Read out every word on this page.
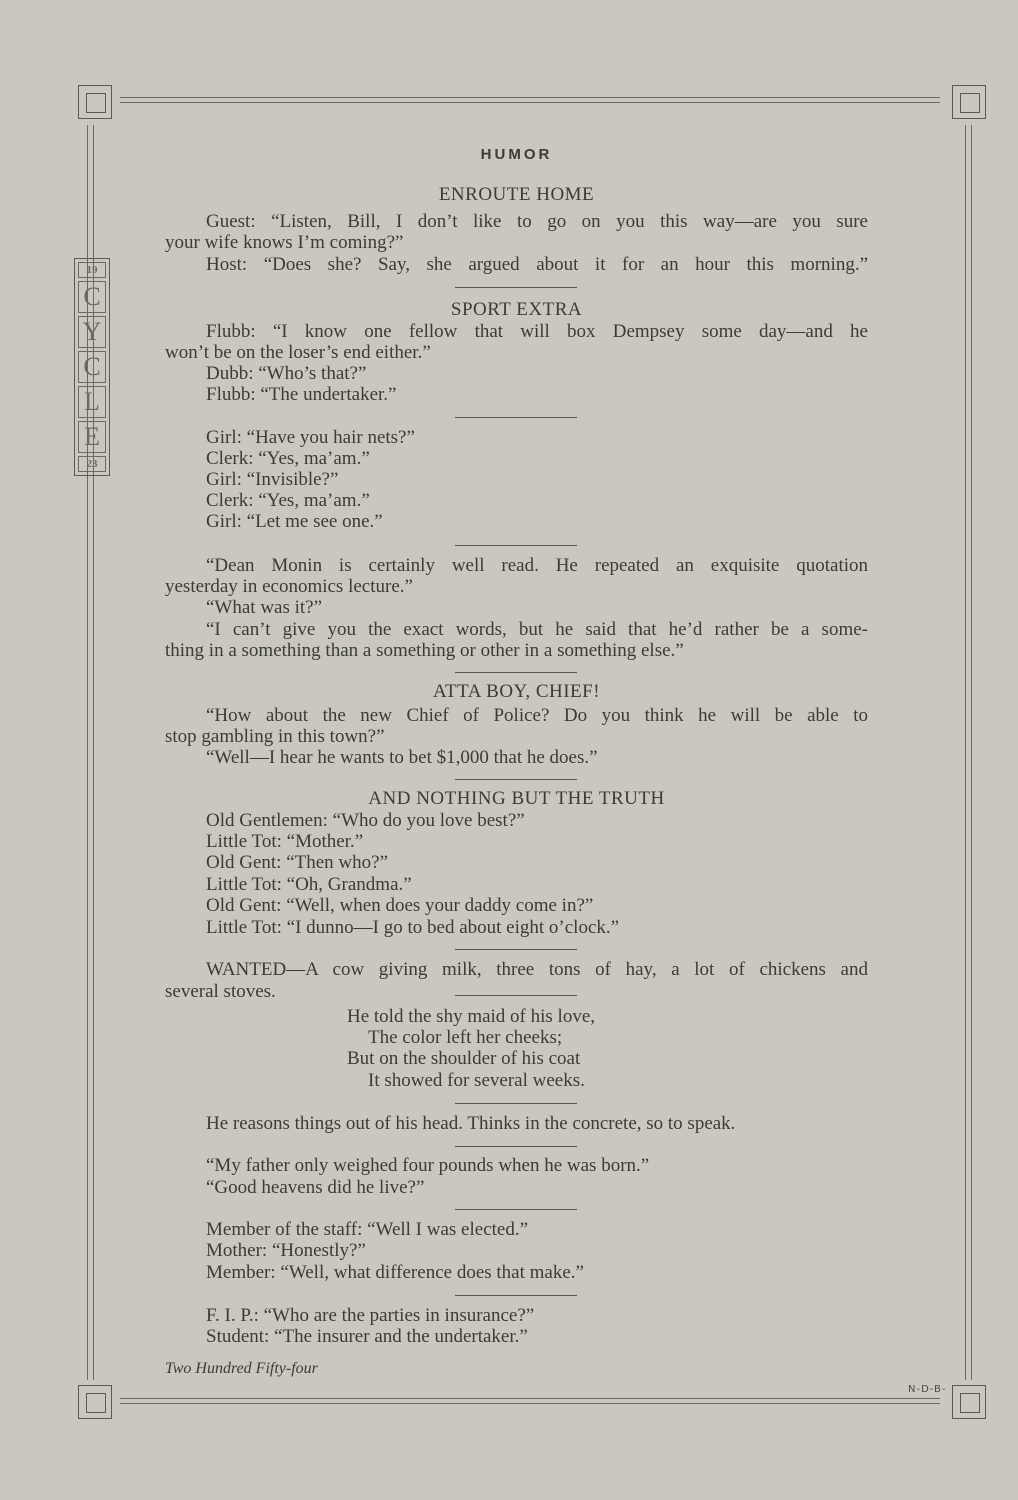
19
C
Y
C
L
E
23
HUMOR
ENROUTE HOME
Guest: “Listen, Bill, I don’t like to go on you this way—are you sure
your wife knows I’m coming?”
Host: “Does she? Say, she argued about it for an hour this morning.”
SPORT EXTRA
Flubb: “I know one fellow that will box Dempsey some day—and he
won’t be on the loser’s end either.”
Dubb: “Who’s that?”
Flubb: “The undertaker.”
Girl: “Have you hair nets?”
Clerk: “Yes, ma’am.”
Girl: “Invisible?”
Clerk: “Yes, ma’am.”
Girl: “Let me see one.”
“Dean Monin is certainly well read. He repeated an exquisite quotation
yesterday in economics lecture.”
“What was it?”
“I can’t give you the exact words, but he said that he’d rather be a some-
thing in a something than a something or other in a something else.”
ATTA BOY, CHIEF!
“How about the new Chief of Police? Do you think he will be able to
stop gambling in this town?”
“Well—I hear he wants to bet $1,000 that he does.”
AND NOTHING BUT THE TRUTH
Old Gentlemen: “Who do you love best?”
Little Tot: “Mother.”
Old Gent: “Then who?”
Little Tot: “Oh, Grandma.”
Old Gent: “Well, when does your daddy come in?”
Little Tot: “I dunno—I go to bed about eight o’clock.”
WANTED—A cow giving milk, three tons of hay, a lot of chickens and
several stoves.
He told the shy maid of his love,
The color left her cheeks;
But on the shoulder of his coat
It showed for several weeks.
He reasons things out of his head. Thinks in the concrete, so to speak.
“My father only weighed four pounds when he was born.”
“Good heavens did he live?”
Member of the staff: “Well I was elected.”
Mother: “Honestly?”
Member: “Well, what difference does that make.”
F. I. P.: “Who are the parties in insurance?”
Student: “The insurer and the undertaker.”
Two Hundred Fifty-four
N-D-B-
